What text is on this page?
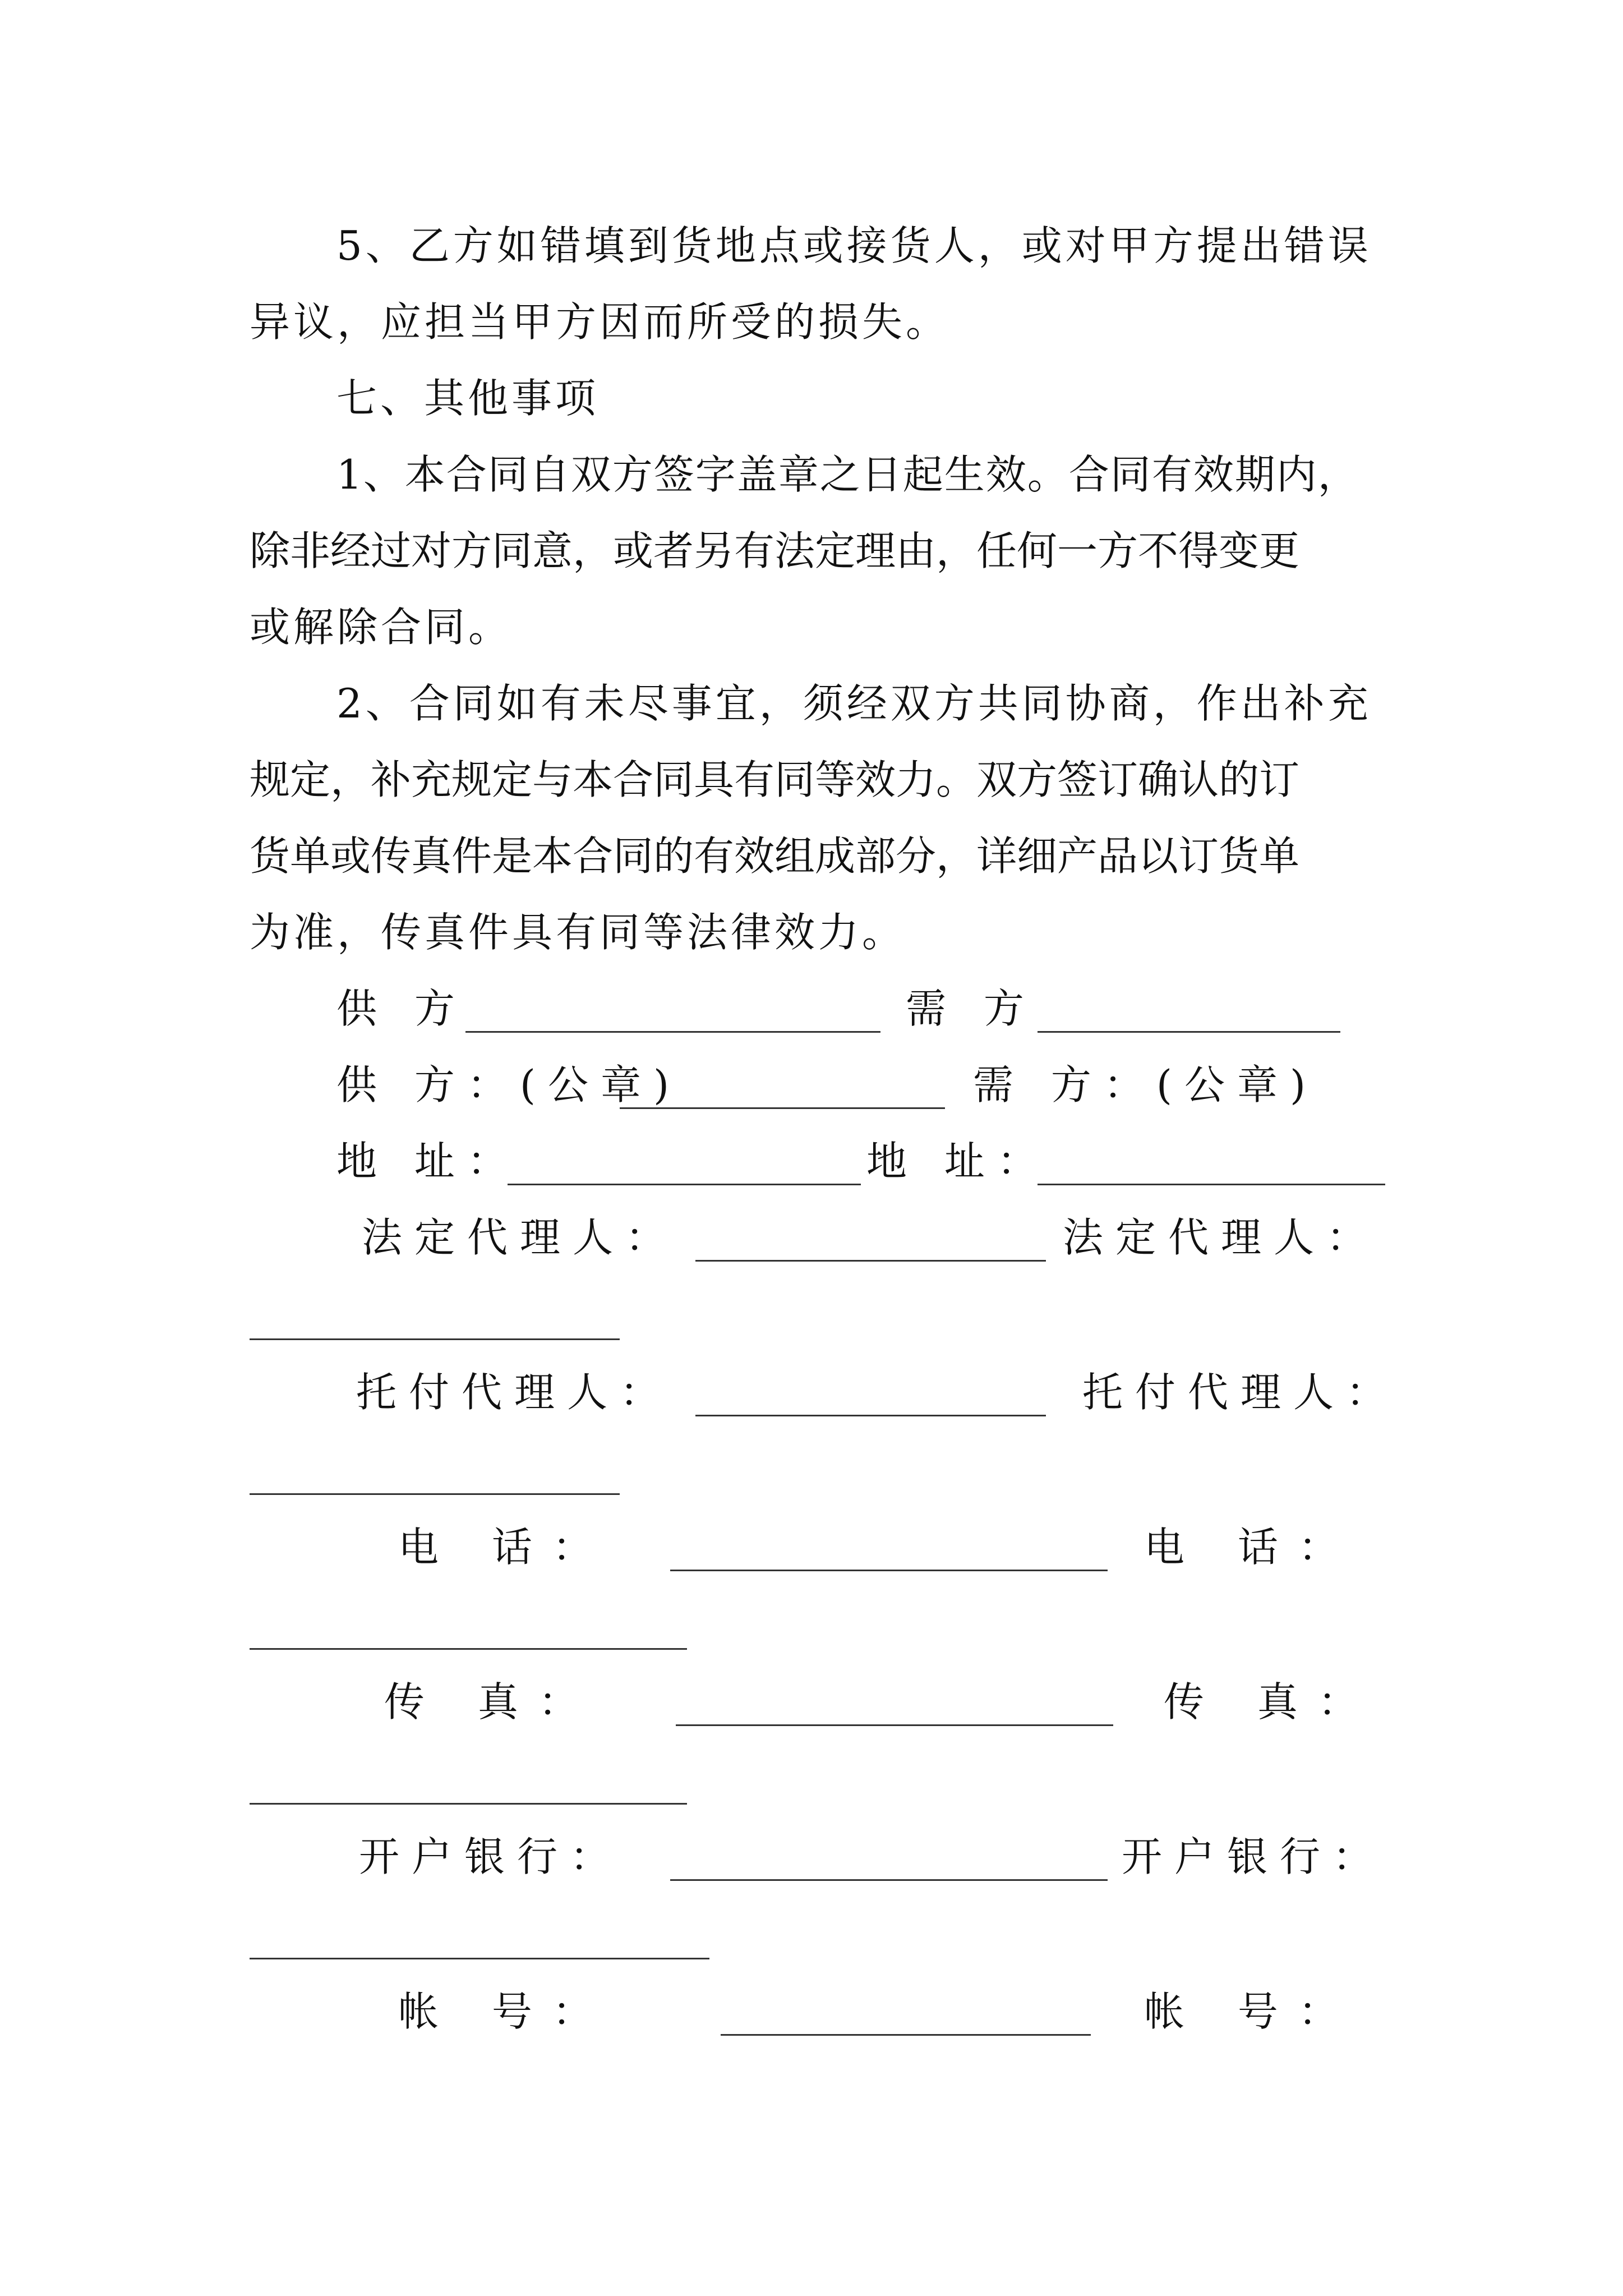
5、乙方如错填到货地点或接货人，或对甲方提出错误

异议，应担当甲方因而所受的损失。

七、其他事项

1、本合同自双方签字盖章之日起生效。合同有效期内，

除非经过对方同意，或者另有法定理由，任何一方不得变更

或解除合同。

2、合同如有未尽事宜，须经双方共同协商，作出补充

规定，补充规定与本合同具有同等效力。双方签订确认的订

货单或传真件是本合同的有效组成部分，详细产品以订货单

为准，传真件具有同等法律效力。

供 方	需 方
供 方：(公章)	需 方：(公章)
地 址：	地 址：
法定代理人：	法定代理人：
托付代理人：	托付代理人：
电 话：	电 话：
传 真：	传 真：
开户银行：	开户银行：
帐 号：	帐 号：
